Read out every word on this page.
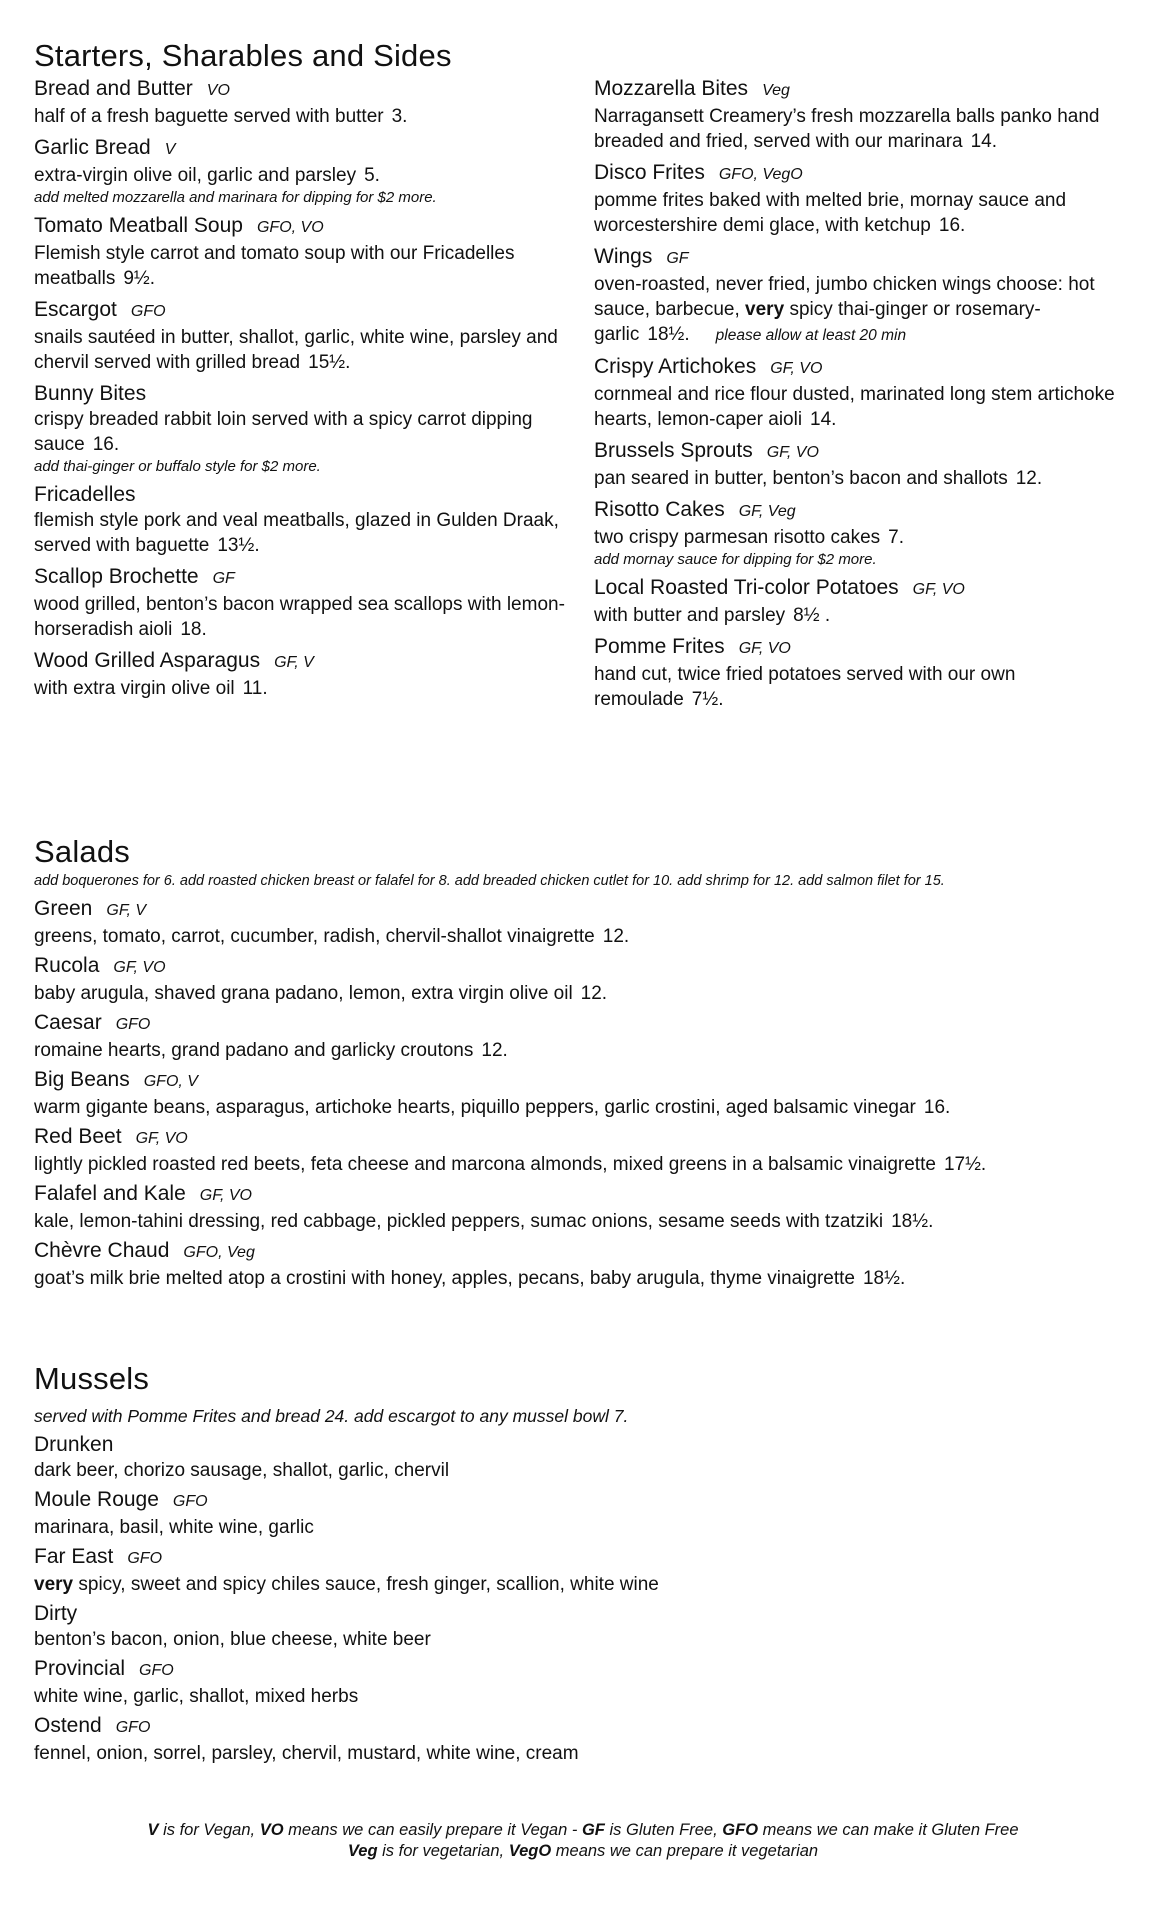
Starters, Sharables and Sides
Bread and Butter VO
half of a fresh baguette served with butter 3.
Garlic Bread V
extra-virgin olive oil, garlic and parsley 5.
add melted mozzarella and marinara for dipping for $2 more.
Tomato Meatball Soup GFO, VO
Flemish style carrot and tomato soup with our Fricadelles meatballs 9½.
Escargot GFO
snails sautéed in butter, shallot, garlic, white wine, parsley and chervil served with grilled bread 15½.
Bunny Bites
crispy breaded rabbit loin served with a spicy carrot dipping sauce 16.
add thai-ginger or buffalo style for $2 more.
Fricadelles
flemish style pork and veal meatballs, glazed in Gulden Draak, served with baguette 13½.
Scallop Brochette GF
wood grilled, benton’s bacon wrapped sea scallops with lemon-horseradish aioli 18.
Wood Grilled Asparagus GF, V
with extra virgin olive oil 11.
Mozzarella Bites Veg
Narragansett Creamery’s fresh mozzarella balls panko hand breaded and fried, served with our marinara 14.
Disco Frites GFO, VegO
pomme frites baked with melted brie, mornay sauce and worcestershire demi glace, with ketchup 16.
Wings GF
oven-roasted, never fried, jumbo chicken wings choose: hot sauce, barbecue, very spicy thai-ginger or rosemary-garlic 18½. please allow at least 20 min
Crispy Artichokes GF, VO
cornmeal and rice flour dusted, marinated long stem artichoke hearts, lemon-caper aioli 14.
Brussels Sprouts GF, VO
pan seared in butter, benton’s bacon and shallots 12.
Risotto Cakes GF, Veg
two crispy parmesan risotto cakes 7.
add mornay sauce for dipping for $2 more.
Local Roasted Tri-color Potatoes GF, VO
with butter and parsley 8½ .
Pomme Frites GF, VO
hand cut, twice fried potatoes served with our own remoulade 7½.
Salads
add boquerones for 6. add roasted chicken breast or falafel for 8. add breaded chicken cutlet for 10. add shrimp for 12. add salmon filet for 15.
Green GF, V
greens, tomato, carrot, cucumber, radish, chervil-shallot vinaigrette 12.
Rucola GF, VO
baby arugula, shaved grana padano, lemon, extra virgin olive oil 12.
Caesar GFO
romaine hearts, grand padano and garlicky croutons 12.
Big Beans GFO, V
warm gigante beans, asparagus, artichoke hearts, piquillo peppers, garlic crostini, aged balsamic vinegar 16.
Red Beet GF, VO
lightly pickled roasted red beets, feta cheese and marcona almonds, mixed greens in a balsamic vinaigrette 17½.
Falafel and Kale GF, VO
kale, lemon-tahini dressing, red cabbage, pickled peppers, sumac onions, sesame seeds with tzatziki 18½.
Chèvre Chaud GFO, Veg
goat’s milk brie melted atop a crostini with honey, apples, pecans, baby arugula, thyme vinaigrette 18½.
Mussels
served with Pomme Frites and bread 24. add escargot to any mussel bowl 7.
Drunken
dark beer, chorizo sausage, shallot, garlic, chervil
Moule Rouge GFO
marinara, basil, white wine, garlic
Far East GFO
very spicy, sweet and spicy chiles sauce, fresh ginger, scallion, white wine
Dirty
benton’s bacon, onion, blue cheese, white beer
Provincial GFO
white wine, garlic, shallot, mixed herbs
Ostend GFO
fennel, onion, sorrel, parsley, chervil, mustard, white wine, cream
V is for Vegan, VO means we can easily prepare it Vegan - GF is Gluten Free, GFO means we can make it Gluten Free
Veg is for vegetarian, VegO means we can prepare it vegetarian
